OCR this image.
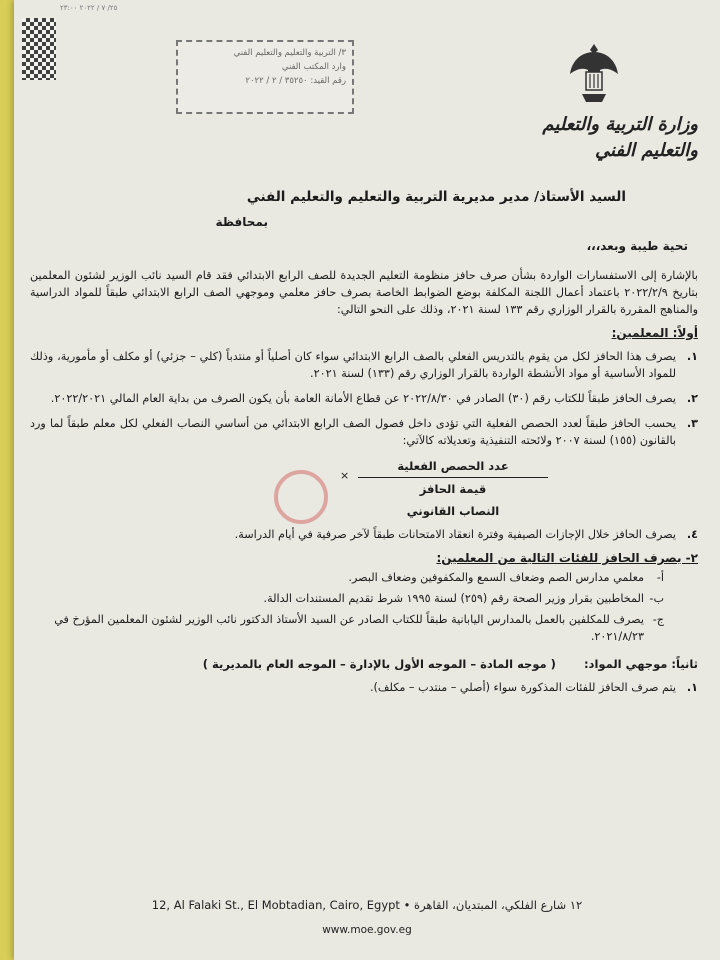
٢٥/ ٧ / ٢٠٢٢ ٢٣:٠٠
٣/ التربية والتعليم والتعليم الفني
وارد المكتب الفني
رقم القيد: ٣٥٢٥٠ / ٢ / ٢٠٢٢
وزارة التربية والتعليم
والتعليم الفني

السيد الأستاذ/ مدير مديرية التربية والتعليم والتعليم الفني

بمحافظة

تحية طيبة وبعد،،،

بالإشارة إلى الاستفسارات الواردة بشأن صرف حافز منظومة التعليم الجديدة للصف الرابع الابتدائي فقد قام السيد نائب الوزير لشئون المعلمين بتاريخ ٢٠٢٢/٢/٩ باعتماد أعمال اللجنة المكلفة بوضع الضوابط الخاصة بصرف حافز معلمي وموجهي الصف الرابع الابتدائي طبقاً للمواد الدراسية والمناهج المقررة بالقرار الوزاري رقم ١٣٣ لسنة ٢٠٢١، وذلك على النحو التالي:

أولاً: المعلمين:

١.
يصرف هذا الحافز لكل من يقوم بالتدريس الفعلي بالصف الرابع الابتدائي سواء كان أصلياً أو منتدباً (كلي – جزئي) أو مكلف أو مأمورية، وذلك للمواد الأساسية أو مواد الأنشطة الواردة بالقرار الوزاري رقم (١٣٣) لسنة ٢٠٢١.
٢.
يصرف الحافز طبقاً للكتاب رقم (٣٠) الصادر في ٢٠٢٢/٨/٣٠ عن قطاع الأمانة العامة بأن يكون الصرف من بداية العام المالي ٢٠٢٢/٢٠٢١.
٣.
يحسب الحافز طبقاً لعدد الحصص الفعلية التي تؤدى داخل فصول الصف الرابع الابتدائي من أساسي النصاب الفعلي لكل معلم طبقاً لما ورد بالقانون (١٥٥) لسنة ٢٠٠٧ ولائحته التنفيذية وتعديلاته كالآتي:
عدد الحصص الفعلية
×
قيمة الحافز
النصاب القانوني
٤.
يصرف الحافز خلال الإجازات الصيفية وفترة انعقاد الامتحانات طبقاً لآخر صرفية في أيام الدراسة.

٢- يصرف الحافز للفئات التالية من المعلمين:

أ-
معلمي مدارس الصم وضعاف السمع والمكفوفين وضعاف البصر.
ب-
المخاطبين بقرار وزير الصحة رقم (٢٥٩) لسنة ١٩٩٥ شرط تقديم المستندات الدالة.
ج-
يصرف للمكلفين بالعمل بالمدارس اليابانية طبقاً للكتاب الصادر عن السيد الأستاذ الدكتور نائب الوزير لشئون المعلمين المؤرخ في ٢٠٢١/٨/٢٣.

ثانياً: موجهي المواد: ( موجه المادة – الموجه الأول بالإدارة – الموجه العام بالمديرية )

١.
يتم صرف الحافز للفئات المذكورة سواء (أصلي – منتدب – مكلف).
12, Al Falaki St., El Mobtadian, Cairo, Egypt • ١٢ شارع الفلكي، المبتديان، القاهرة
www.moe.gov.eg
